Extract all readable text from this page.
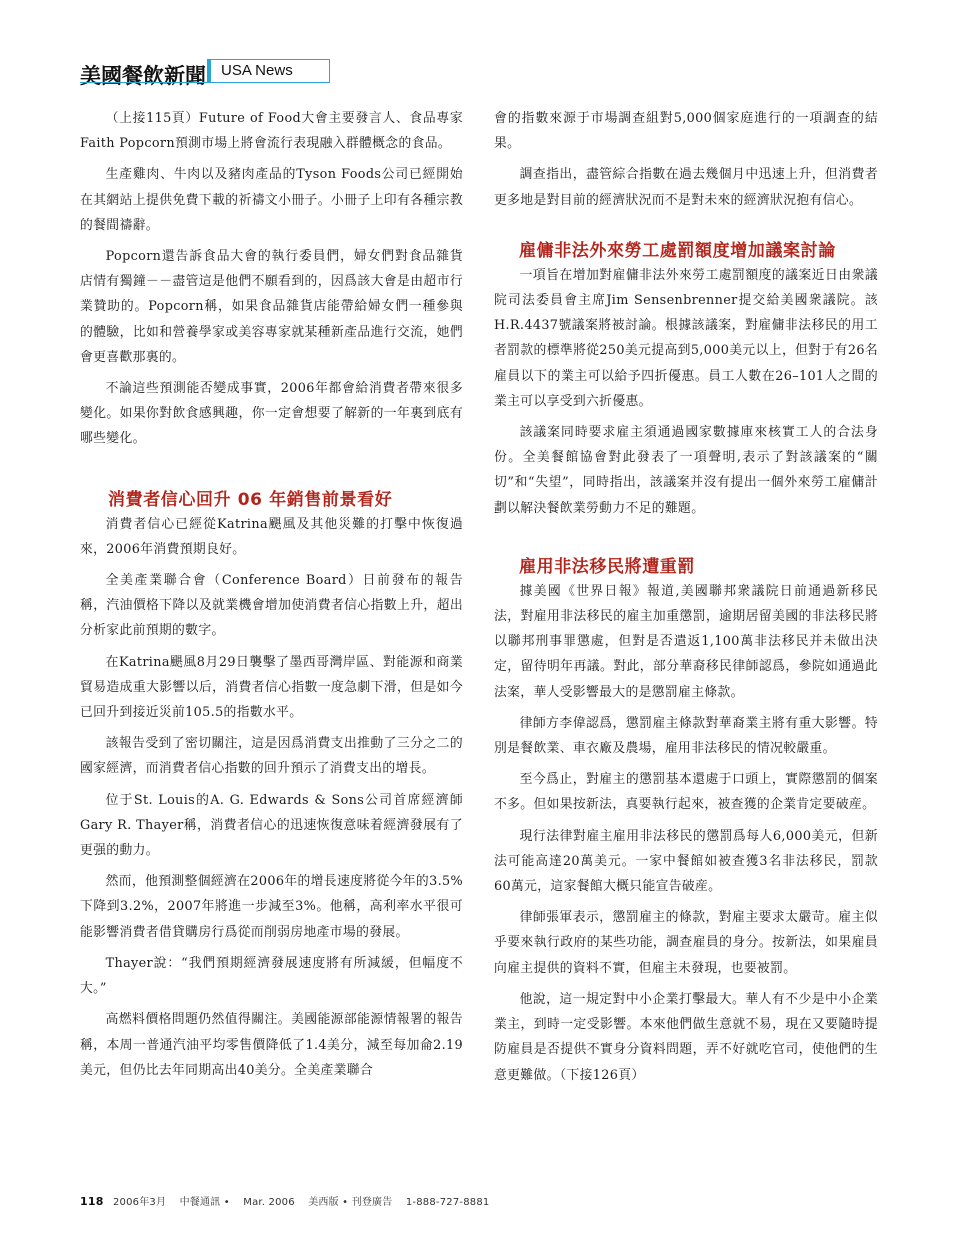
美國餐飲新聞	USA News

（上接115頁）Future of Food大會主要發言人、食品專家Faith Popcorn預測市場上將會流行表現融入群體概念的食品。

生產雞肉、牛肉以及豬肉產品的Tyson Foods公司已經開始在其網站上提供免費下載的祈禱文小冊子。小冊子上印有各種宗教的餐間禱辭。

Popcorn還告訴食品大會的執行委員們，婦女們對食品雜貨店情有獨鐘－－盡管這是他們不願看到的，因爲該大會是由超市行業贊助的。Popcorn稱，如果食品雜貨店能帶給婦女們一種參與的體驗，比如和營養學家或美容專家就某種新產品進行交流，她們會更喜歡那裏的。

不論這些預測能否變成事實，2006年都會給消費者帶來很多變化。如果你對飲食感興趣，你一定會想要了解新的一年裏到底有哪些變化。

消費者信心回升 06 年銷售前景看好

消費者信心已經從Katrina颶風及其他災難的打擊中恢復過來，2006年消費預期良好。

全美產業聯合會（Conference Board）日前發布的報告稱，汽油價格下降以及就業機會增加使消費者信心指數上升，超出分析家此前預期的數字。

在Katrina颶風8月29日襲擊了墨西哥灣岸區、對能源和商業貿易造成重大影響以后，消費者信心指數一度急劇下滑，但是如今已回升到接近災前105.5的指數水平。

該報告受到了密切關注，這是因爲消費支出推動了三分之二的國家經濟，而消費者信心指數的回升預示了消費支出的增長。

位于St. Louis的A. G. Edwards & Sons公司首席經濟師Gary R. Thayer稱，消費者信心的迅速恢復意味着經濟發展有了更强的動力。

然而，他預測整個經濟在2006年的增長速度將從今年的3.5%下降到3.2%，2007年將進一步減至3%。他稱，高利率水平很可能影響消費者借貸購房行爲從而削弱房地產市場的發展。

Thayer說：“我們預期經濟發展速度將有所減緩，但幅度不大。”

高燃料價格問題仍然值得關注。美國能源部能源情報署的報告稱，本周一普通汽油平均零售價降低了1.4美分，減至每加侖2.19美元，但仍比去年同期高出40美分。全美產業聯合

會的指數來源于市場調查組對5,000個家庭進行的一項調查的結果。

調查指出，盡管綜合指數在過去幾個月中迅速上升，但消費者更多地是對目前的經濟狀況而不是對未來的經濟狀況抱有信心。

雇傭非法外來勞工處罰額度增加議案討論

一項旨在增加對雇傭非法外來勞工處罰額度的議案近日由衆議院司法委員會主席Jim Sensenbrenner提交給美國衆議院。該H.R.4437號議案將被討論。根據該議案，對雇傭非法移民的用工者罰款的標準將從250美元提高到5,000美元以上，但對于有26名雇員以下的業主可以給予四折優惠。員工人數在26–101人之間的業主可以享受到六折優惠。

該議案同時要求雇主須通過國家數據庫來核實工人的合法身份。全美餐館協會對此發表了一項聲明,表示了對該議案的“關切”和“失望”，同時指出，該議案并沒有提出一個外來勞工雇傭計劃以解決餐飲業勞動力不足的難題。

雇用非法移民將遭重罰

據美國《世界日報》報道,美國聯邦衆議院日前通過新移民法，對雇用非法移民的雇主加重懲罰，逾期居留美國的非法移民將以聯邦刑事罪懲處，但對是否遣返1,100萬非法移民并未做出決定，留待明年再議。對此，部分華裔移民律師認爲，參院如通過此法案，華人受影響最大的是懲罰雇主條款。

律師方李偉認爲，懲罰雇主條款對華裔業主將有重大影響。特別是餐飲業、車衣廠及農場，雇用非法移民的情况較嚴重。

至今爲止，對雇主的懲罰基本還處于口頭上，實際懲罰的個案不多。但如果按新法，真要執行起來，被查獲的企業肯定要破産。

現行法律對雇主雇用非法移民的懲罰爲每人6,000美元，但新法可能高達20萬美元。一家中餐館如被查獲3名非法移民，罰款60萬元，這家餐館大概只能宣告破産。

律師張軍表示，懲罰雇主的條款，對雇主要求太嚴苛。雇主似乎要來執行政府的某些功能，調查雇員的身分。按新法，如果雇員向雇主提供的資料不實，但雇主未發現，也要被罰。

他說，這一規定對中小企業打擊最大。華人有不少是中小企業業主，到時一定受影響。本來他們做生意就不易，現在又要隨時提防雇員是否提供不實身分資料問題，弄不好就吃官司，使他們的生意更難做。（下接126頁）

118 2006年3月 中餐通訊 • Mar. 2006 美西版 • 刊登廣告 1-888-727-8881
